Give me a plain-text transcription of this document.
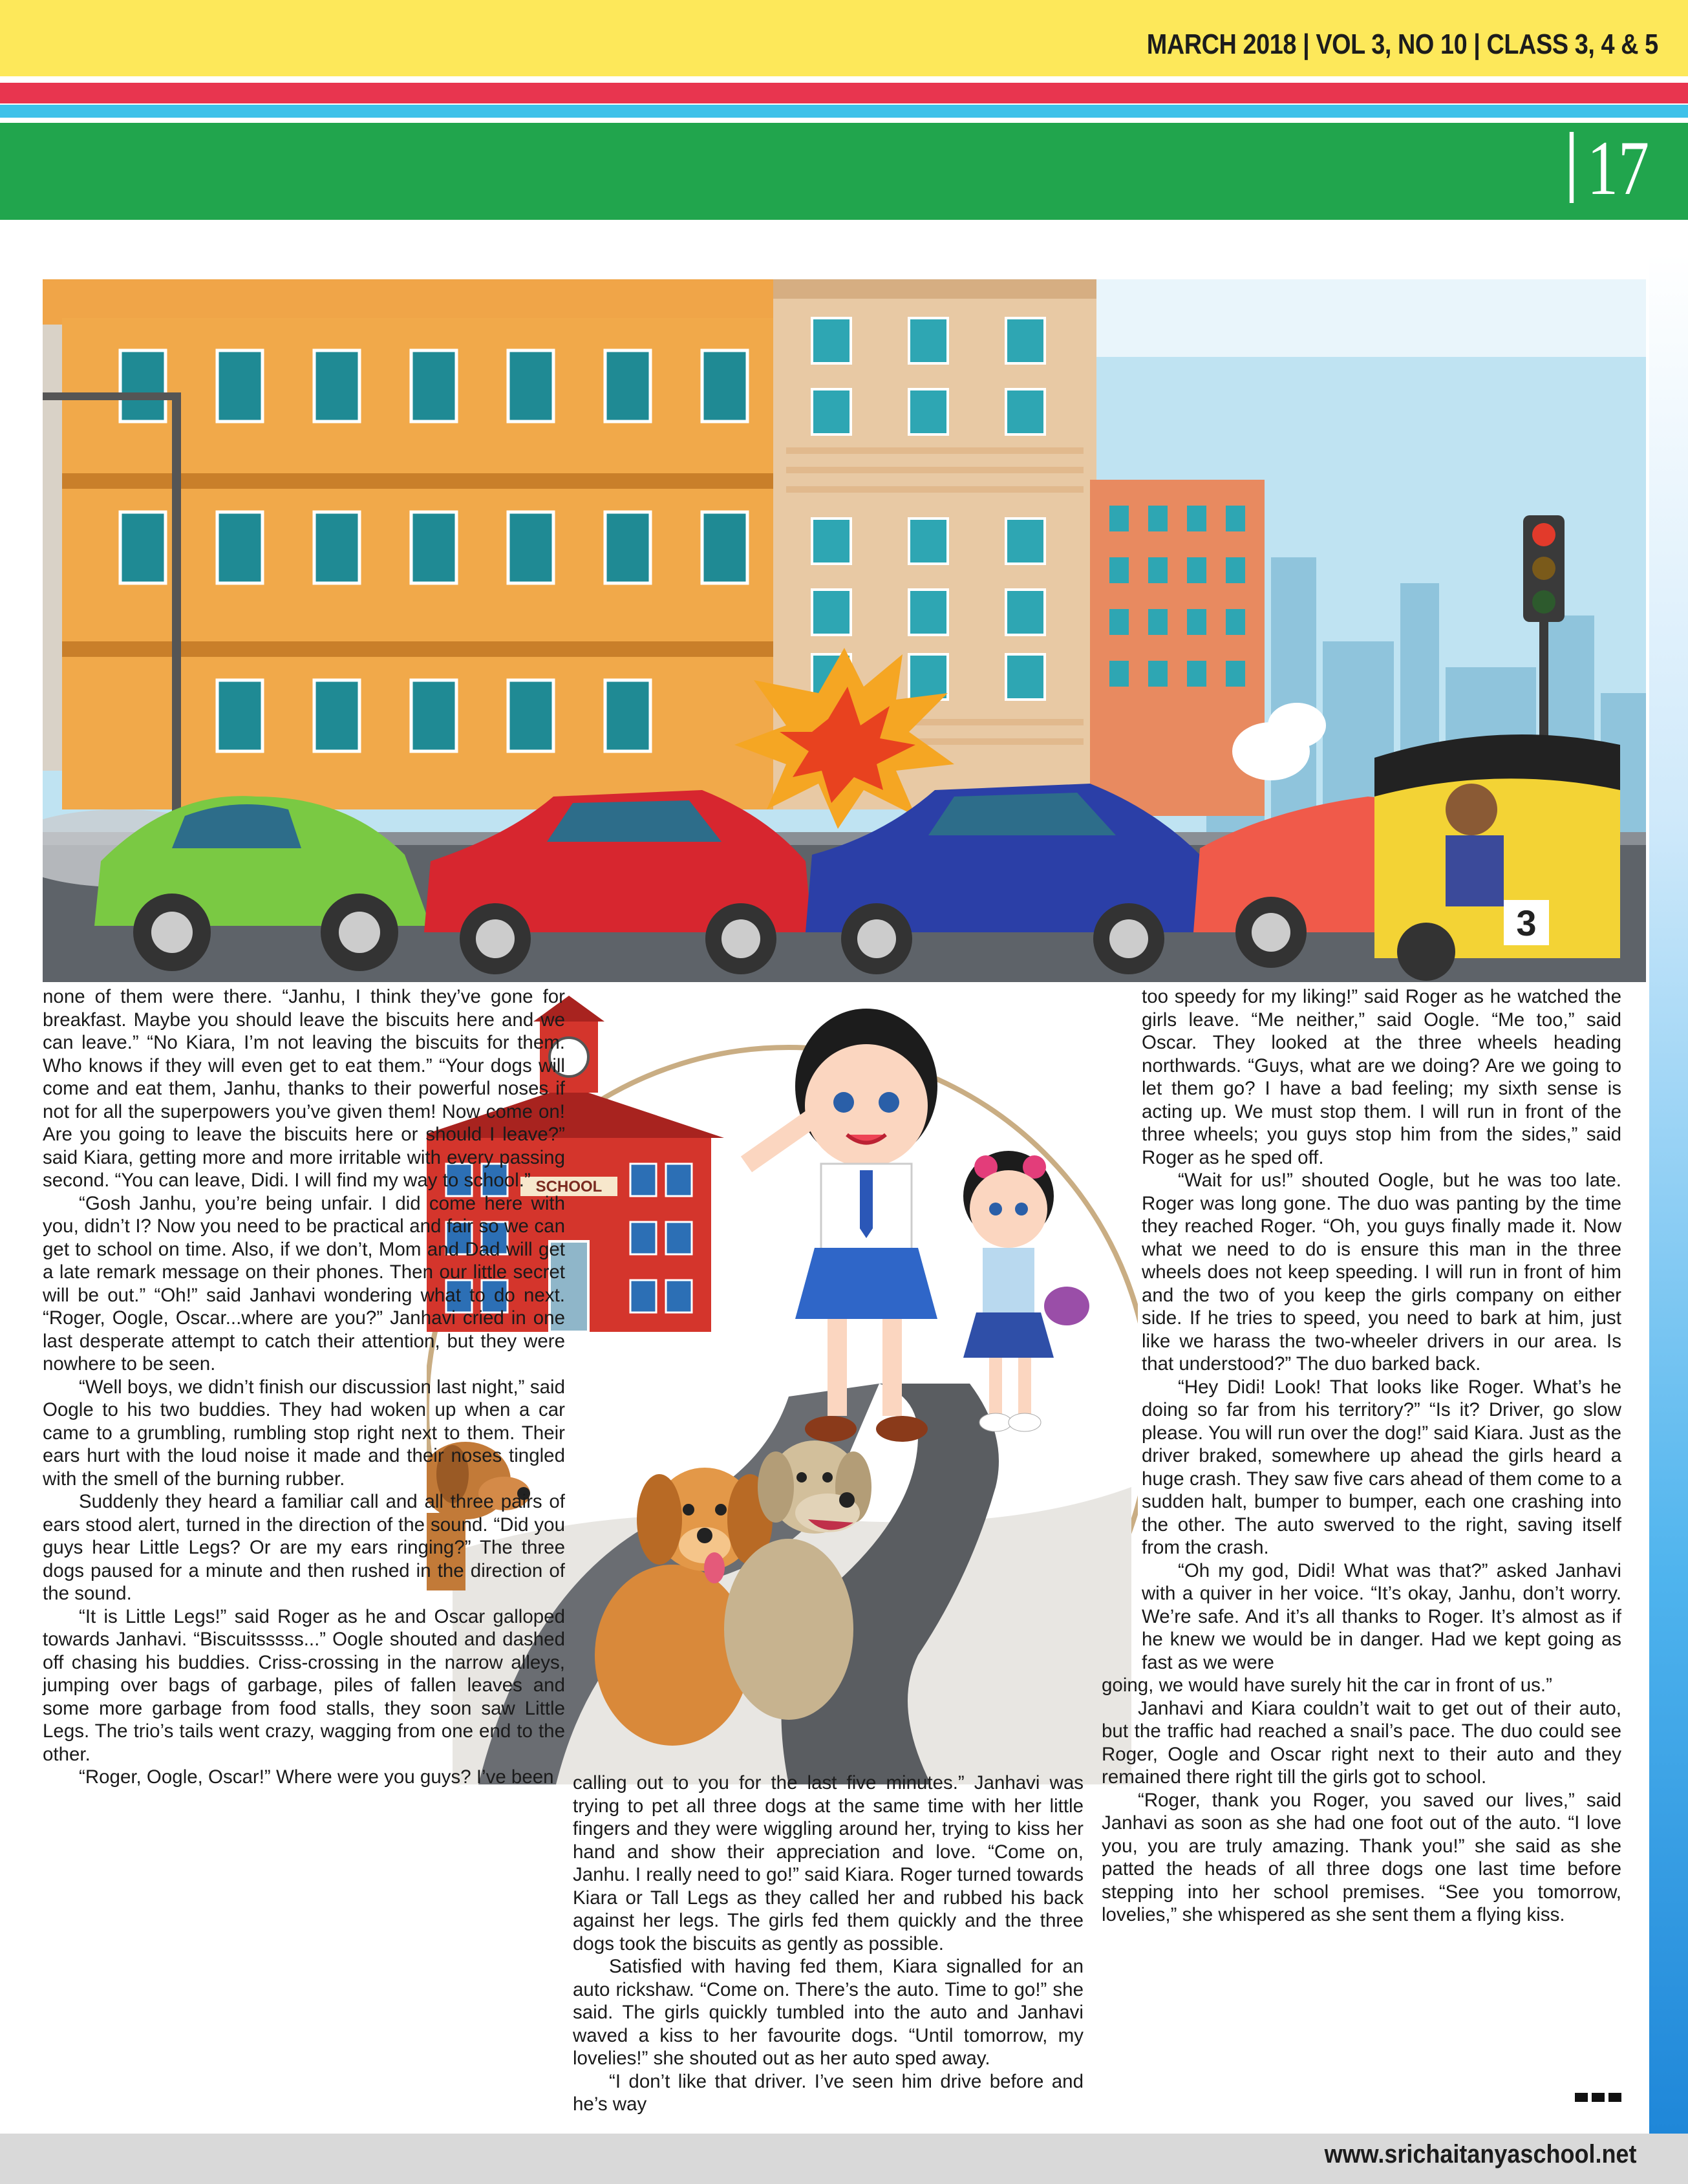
MARCH 2018 | VOL 3, NO 10 | CLASS 3, 4 & 5
17
3
SCHOOL

none of them were there. “Janhu, I think they’ve gone for breakfast. Maybe you should leave the biscuits here and we can leave.” “No Kiara, I’m not leaving the biscuits for them. Who knows if they will even get to eat them.” “Your dogs will come and eat them, Janhu, thanks to their powerful noses if not for all the superpowers you’ve given them! Now come on! Are you going to leave the biscuits here or should I leave?” said Kiara, getting more and more irritable with every passing second. “You can leave, Didi. I will find my way to school.”

“Gosh Janhu, you’re being unfair. I did come here with you, didn’t I? Now you need to be practical and fair so we can get to school on time. Also, if we don’t, Mom and Dad will get a late remark message on their phones. Then our little secret will be out.” “Oh!” said Janhavi wondering what to do next. “Roger, Oogle, Oscar...where are you?” Janhavi cried in one last desperate attempt to catch their attention, but they were nowhere to be seen.

“Well boys, we didn’t finish our discussion last night,” said Oogle to his two buddies. They had woken up when a car came to a grumbling, rumbling stop right next to them. Their ears hurt with the loud noise it made and their noses tingled with the smell of the burning rubber.

Suddenly they heard a familiar call and all three pairs of ears stood alert, turned in the direction of the sound. “Did you guys hear Little Legs? Or are my ears ringing?” The three dogs paused for a minute and then rushed in the direction of the sound.

“It is Little Legs!” said Roger as he and Oscar galloped towards Janhavi. “Biscuitsssss...” Oogle shouted and dashed off chasing his buddies. Criss-crossing in the narrow alleys, jumping over bags of garbage, piles of fallen leaves and some more garbage from food stalls, they soon saw Little Legs. The trio’s tails went crazy, wagging from one end to the other.

“Roger, Oogle, Oscar!” Where were you guys? I’ve been calling out to you for the last five minutes.” Janhavi was trying to pet all three dogs at the same time with her little fingers and they were wiggling around her, trying to kiss her hand and show their appreciation and love. “Come on, Janhu. I really need to go!” said Kiara. Roger turned towards Kiara or Tall Legs as they called her and rubbed his back against her legs. The girls fed them quickly and the three dogs took the biscuits as gently as possible.

Satisfied with having fed them, Kiara signalled for an auto rickshaw. “Come on. There’s the auto. Time to go!” she said. The girls quickly tumbled into the auto and Janhavi waved a kiss to her favourite dogs. “Until tomorrow, my lovelies!” she shouted out as her auto sped away.

“I don’t like that driver. I’ve seen him drive before and he’s way

too speedy for my liking!” said Roger as he watched the girls leave. “Me neither,” said Oogle. “Me too,” said Oscar. They looked at the three wheels heading northwards. “Guys, what are we doing? Are we going to let them go? I have a bad feeling; my sixth sense is acting up. We must stop them. I will run in front of the three wheels; you guys stop him from the sides,” said Roger as he sped off.

“Wait for us!” shouted Oogle, but he was too late. Roger was long gone. The duo was panting by the time they reached Roger. “Oh, you guys finally made it. Now what we need to do is ensure this man in the three wheels does not keep speeding. I will run in front of him and the two of you keep the girls company on either side. If he tries to speed, you need to bark at him, just like we harass the two-wheeler drivers in our area. Is that understood?” The duo barked back.

“Hey Didi! Look! That looks like Roger. What’s he doing so far from his territory?” “Is it? Driver, go slow please. You will run over the dog!” said Kiara. Just as the driver braked, somewhere up ahead the girls heard a huge crash. They saw five cars ahead of them come to a sudden halt, bumper to bumper, each one crashing into the other. The auto swerved to the right, saving itself from the crash.

“Oh my god, Didi! What was that?” asked Janhavi with a quiver in her voice. “It’s okay, Janhu, don’t worry. We’re safe. And it’s all thanks to Roger. It’s almost as if he knew we would be in danger. Had we kept going as fast as we were

going, we would have surely hit the car in front of us.”

Janhavi and Kiara couldn’t wait to get out of their auto, but the traffic had reached a snail’s pace. The duo could see Roger, Oogle and Oscar right next to their auto and they remained there right till the girls got to school.

“Roger, thank you Roger, you saved our lives,” said Janhavi as soon as she had one foot out of the auto. “I love you, you are truly amazing. Thank you!” she said as she patted the heads of all three dogs one last time before stepping into her school premises. “See you tomorrow, lovelies,” she whispered as she sent them a flying kiss.

www.srichaitanyaschool.net
